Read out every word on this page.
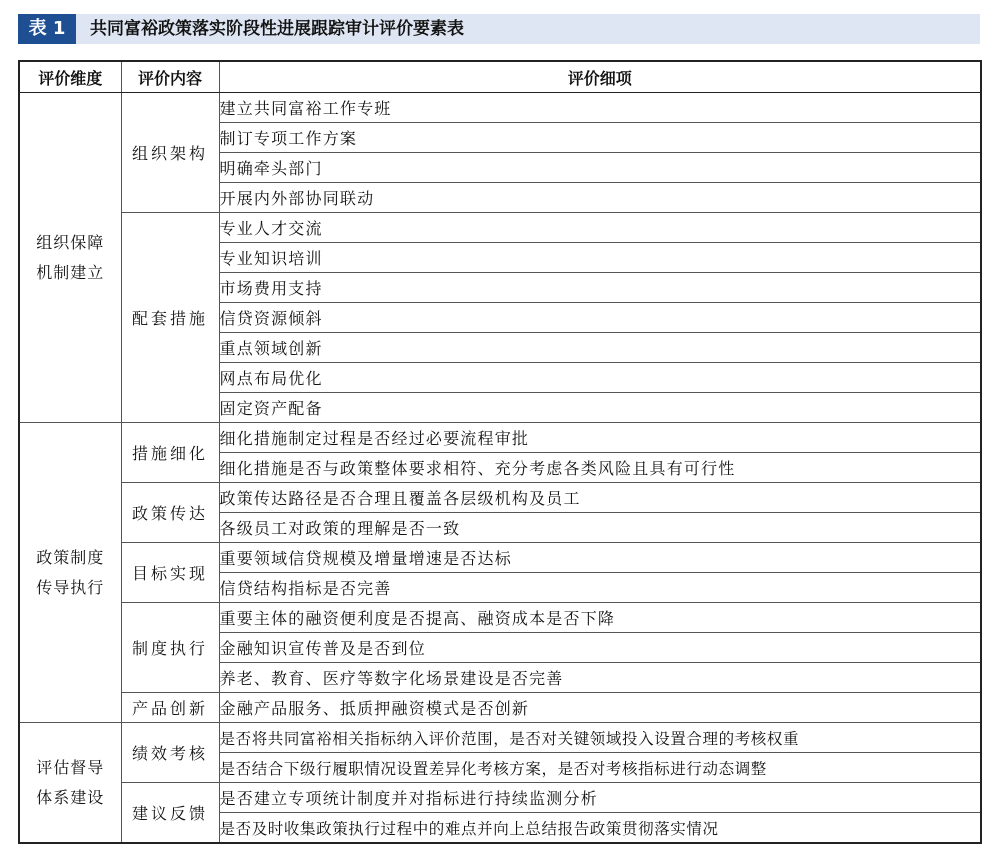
表 1	共同富裕政策落实阶段性进展跟踪审计评价要素表
评价维度	评价内容	评价细项

组织保障
机制建立	组织架构	建立共同富裕工作专班
		制订专项工作方案
		明确牵头部门
		开展内外部协同联动
	配套措施	专业人才交流
		专业知识培训
		市场费用支持
		信贷资源倾斜
		重点领域创新
		网点布局优化
		固定资产配备

政策制度
传导执行	措施细化	细化措施制定过程是否经过必要流程审批
		细化措施是否与政策整体要求相符、充分考虑各类风险且具有可行性
	政策传达	政策传达路径是否合理且覆盖各层级机构及员工
		各级员工对政策的理解是否一致
	目标实现	重要领域信贷规模及增量增速是否达标
		信贷结构指标是否完善
	制度执行	重要主体的融资便利度是否提高、融资成本是否下降
		金融知识宣传普及是否到位
		养老、教育、医疗等数字化场景建设是否完善
	产品创新	金融产品服务、抵质押融资模式是否创新

评估督导
体系建设	绩效考核	是否将共同富裕相关指标纳入评价范围，是否对关键领域投入设置合理的考核权重
		是否结合下级行履职情况设置差异化考核方案，是否对考核指标进行动态调整
	建议反馈	是否建立专项统计制度并对指标进行持续监测分析
		是否及时收集政策执行过程中的难点并向上总结报告政策贯彻落实情况
